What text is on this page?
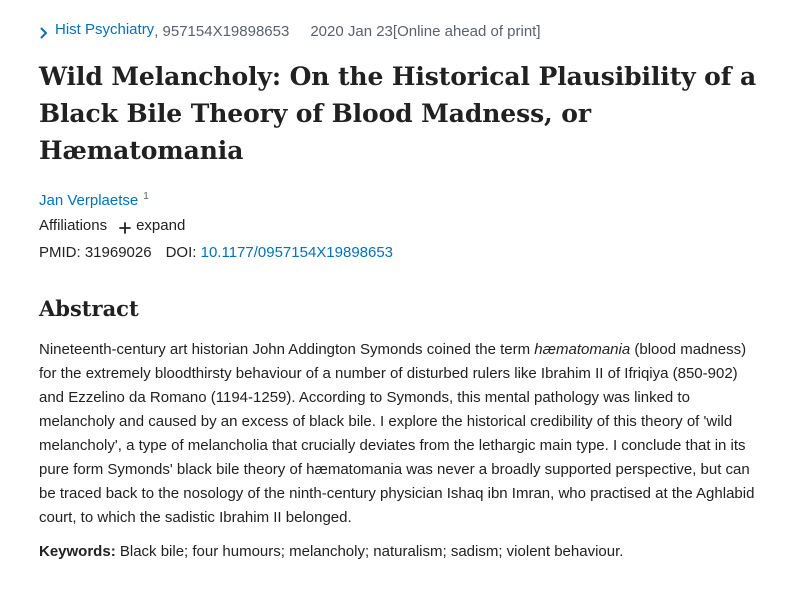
Hist Psychiatry , 957154X19898653 2020 Jan 23[Online ahead of print]
Wild Melancholy: On the Historical Plausibility of a Black Bile Theory of Blood Madness, or Hæmatomania
Jan Verplaetse $^1$
Affiliations expand
PMID: 31969026 DOI: 10.1177/0957154X19898653
Abstract

Nineteenth-century art historian John Addington Symonds coined the term hæmatomania (blood madness) for the extremely bloodthirsty behaviour of a number of disturbed rulers like Ibrahim II of Ifriqiya (850-902) and Ezzelino da Romano (1194-1259). According to Symonds, this mental pathology was linked to melancholy and caused by an excess of black bile. I explore the historical credibility of this theory of 'wild melancholy', a type of melancholia that crucially deviates from the lethargic main type. I conclude that in its pure form Symonds' black bile theory of hæmatomania was never a broadly supported perspective, but can be traced back to the nosology of the ninth-century physician Ishaq ibn Imran, who practised at the Aghlabid court, to which the sadistic Ibrahim II belonged.

Keywords: Black bile; four humours; melancholy; naturalism; sadism; violent behaviour.
